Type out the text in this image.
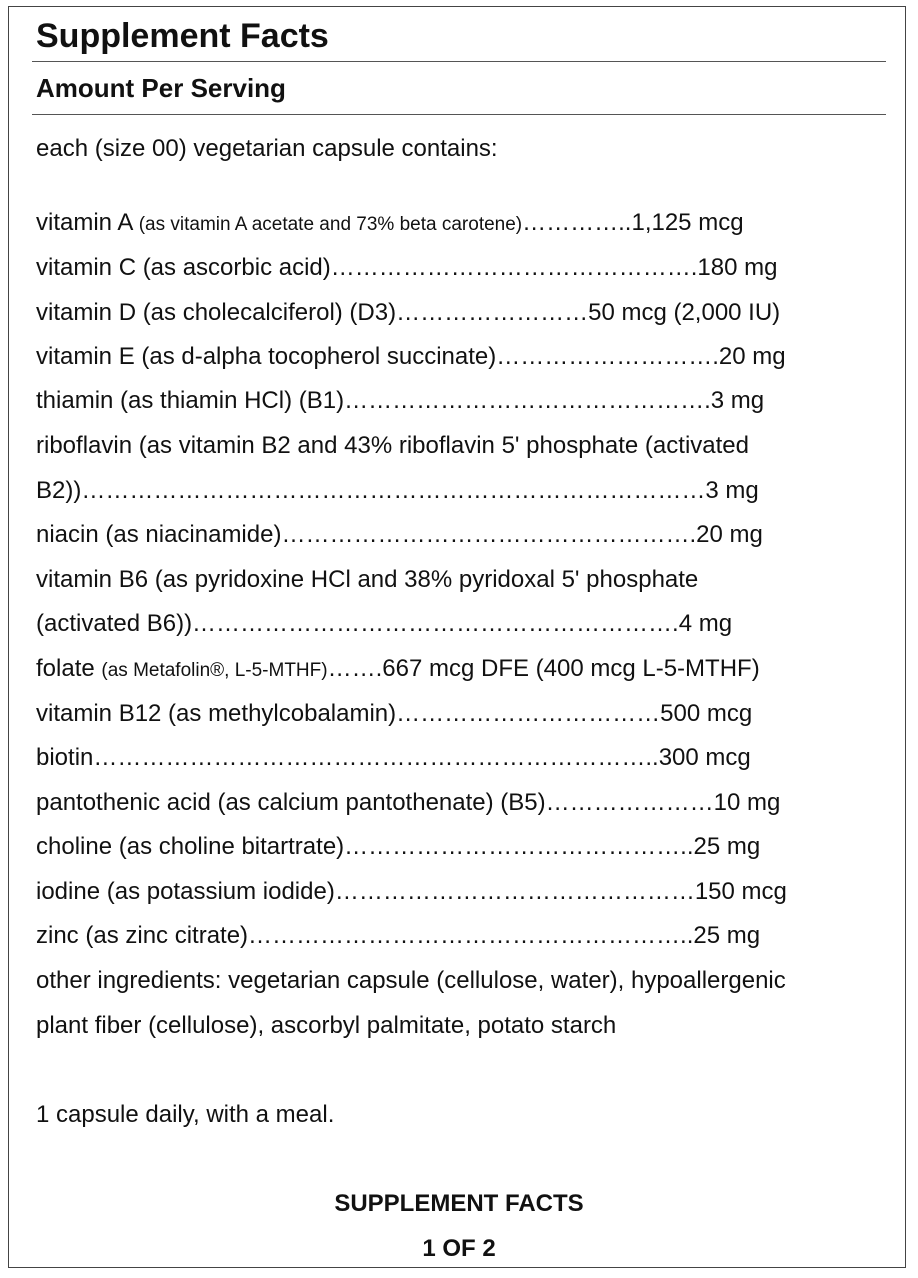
Supplement Facts
Amount Per Serving
each (size 00) vegetarian capsule contains:
vitamin A (as vitamin A acetate and 73% beta carotene)…………..1,125 mcg
vitamin C (as ascorbic acid)……………………………………….180 mg
vitamin D (as cholecalciferol) (D3)……………………50 mcg (2,000 IU)
vitamin E (as d-alpha tocopherol succinate)……………………….20 mg
thiamin (as thiamin HCl) (B1)……………………………………….3 mg
riboflavin (as vitamin B2 and 43% riboflavin 5' phosphate (activated
B2))……………………………………………………………………3 mg
niacin (as niacinamide)…………………………………………….20 mg
vitamin B6 (as pyridoxine HCl and 38% pyridoxal 5' phosphate
(activated B6))…………………………………………………….4 mg
folate (as Metafolin®, L-5-MTHF)…….667 mcg DFE (400 mcg L-5-MTHF)
vitamin B12 (as methylcobalamin)……………………………500 mcg
biotin……………………………………………………………..300 mcg
pantothenic acid (as calcium pantothenate) (B5)…………………10 mg
choline (as choline bitartrate)……………………………………..25 mg
iodine (as potassium iodide)………………………………………150 mcg
zinc (as zinc citrate)………………………………………………..25 mg
other ingredients: vegetarian capsule (cellulose, water), hypoallergenic
plant fiber (cellulose), ascorbyl palmitate, potato starch
1 capsule daily, with a meal.
SUPPLEMENT FACTS
1 OF 2
